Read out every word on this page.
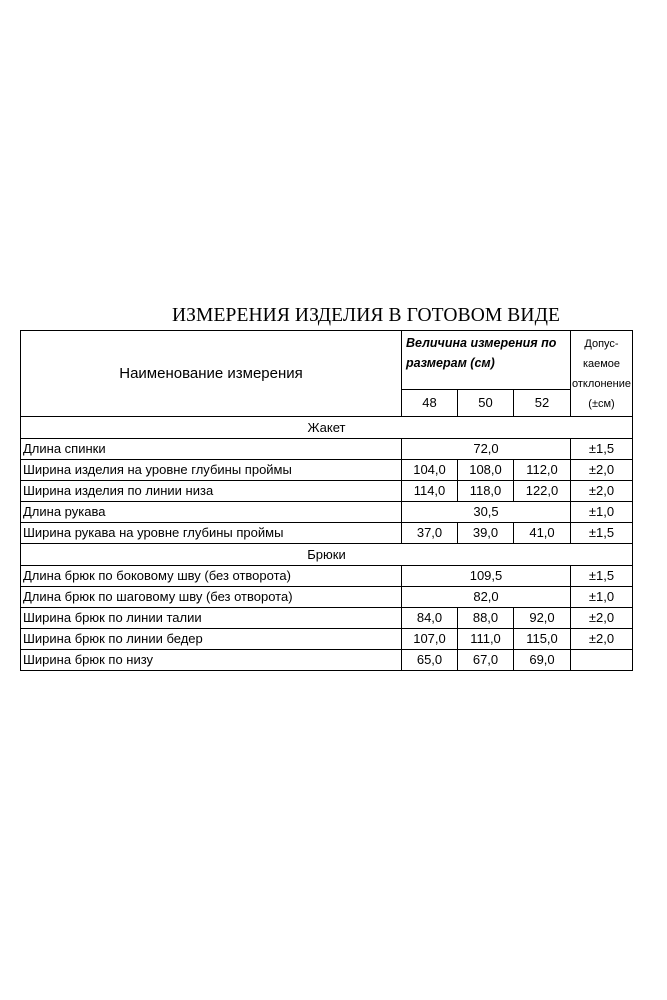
ИЗМЕРЕНИЯ ИЗДЕЛИЯ В ГОТОВОМ ВИДЕ
Наименование измерения	Величина измерения по размерам (см)			Допус-
каемое
отклонение
(±см)
	48	50	52	
Жакет				
Длина спинки	72,0			±1,5
Ширина изделия на уровне глубины проймы	104,0	108,0	112,0	±2,0
Ширина изделия по линии низа	114,0	118,0	122,0	±2,0
Длина рукава	30,5			±1,0
Ширина рукава на уровне глубины проймы	37,0	39,0	41,0	±1,5
Брюки				
Длина брюк по боковому шву (без отворота)	109,5			±1,5
Длина брюк по шаговому шву (без отворота)	82,0			±1,0
Ширина брюк по линии талии	84,0	88,0	92,0	±2,0
Ширина брюк по линии бедер	107,0	111,0	115,0	±2,0
Ширина брюк по низу	65,0	67,0	69,0	
